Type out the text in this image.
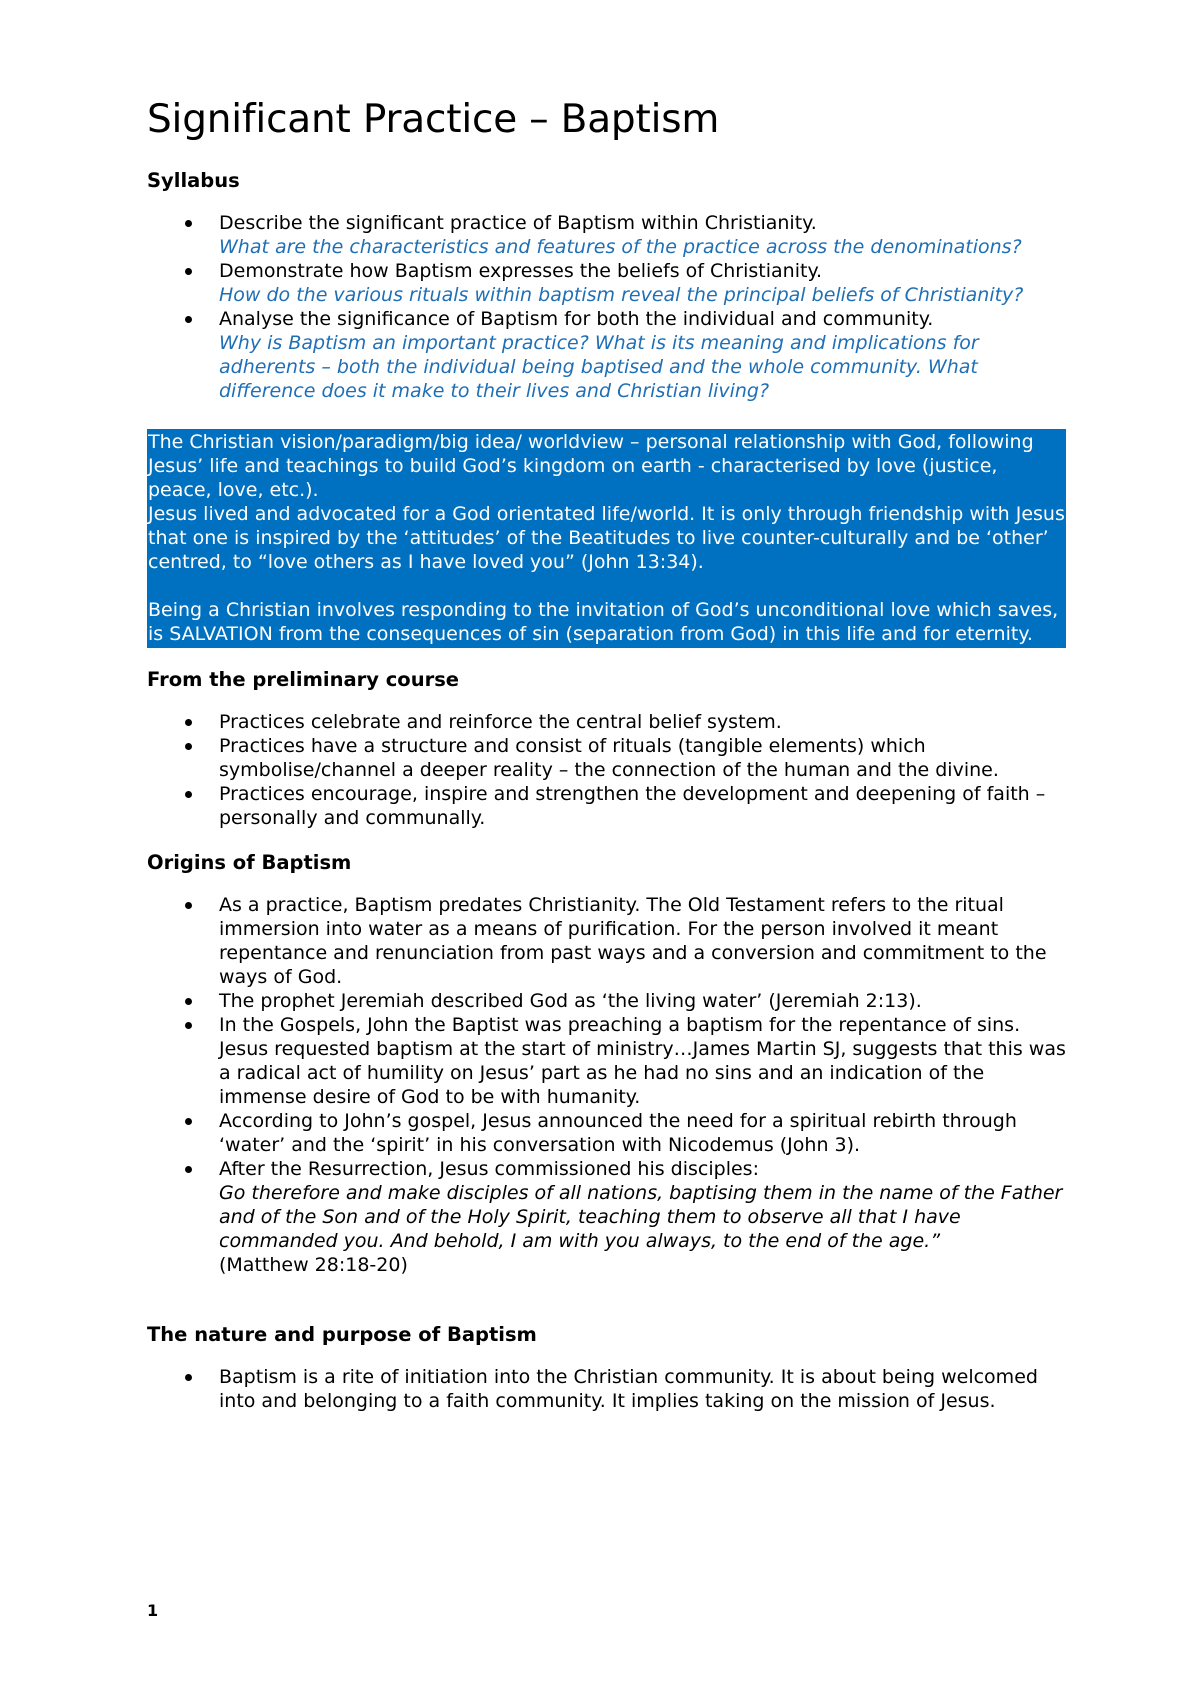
Significant Practice – Baptism
Syllabus
Describe the significant practice of Baptism within Christianity.
What are the characteristics and features of the practice across the denominations?
Demonstrate how Baptism expresses the beliefs of Christianity.
How do the various rituals within baptism reveal the principal beliefs of Christianity?
Analyse the significance of Baptism for both the individual and community.
Why is Baptism an important practice? What is its meaning and implications for adherents – both the individual being baptised and the whole community. What difference does it make to their lives and Christian living?

The Christian vision/paradigm/big idea/ worldview – personal relationship with God, following Jesus’ life and teachings to build God’s kingdom on earth - characterised by love (justice, peace, love, etc.).

Jesus lived and advocated for a God orientated life/world. It is only through friendship with Jesus that one is inspired by the ‘attitudes’ of the Beatitudes to live counter-culturally and be ‘other’ centred, to “love others as I have loved you” (John 13:34).

Being a Christian involves responding to the invitation of God’s unconditional love which saves, is SALVATION from the consequences of sin (separation from God) in this life and for eternity.

From the preliminary course
Practices celebrate and reinforce the central belief system.
Practices have a structure and consist of rituals (tangible elements) which symbolise/channel a deeper reality – the connection of the human and the divine.
Practices encourage, inspire and strengthen the development and deepening of faith – personally and communally.
Origins of Baptism
As a practice, Baptism predates Christianity. The Old Testament refers to the ritual immersion into water as a means of purification. For the person involved it meant repentance and renunciation from past ways and a conversion and commitment to the ways of God.
The prophet Jeremiah described God as ‘the living water’ (Jeremiah 2:13).
In the Gospels, John the Baptist was preaching a baptism for the repentance of sins. Jesus requested baptism at the start of ministry…James Martin SJ, suggests that this was a radical act of humility on Jesus’ part as he had no sins and an indication of the immense desire of God to be with humanity.
According to John’s gospel, Jesus announced the need for a spiritual rebirth through ‘water’ and the ‘spirit’ in his conversation with Nicodemus (John 3).
After the Resurrection, Jesus commissioned his disciples:
Go therefore and make disciples of all nations, baptising them in the name of the Father and of the Son and of the Holy Spirit, teaching them to observe all that I have commanded you. And behold, I am with you always, to the end of the age.”
(Matthew 28:18-20)
The nature and purpose of Baptism
Baptism is a rite of initiation into the Christian community. It is about being welcomed into and belonging to a faith community. It implies taking on the mission of Jesus.
1
